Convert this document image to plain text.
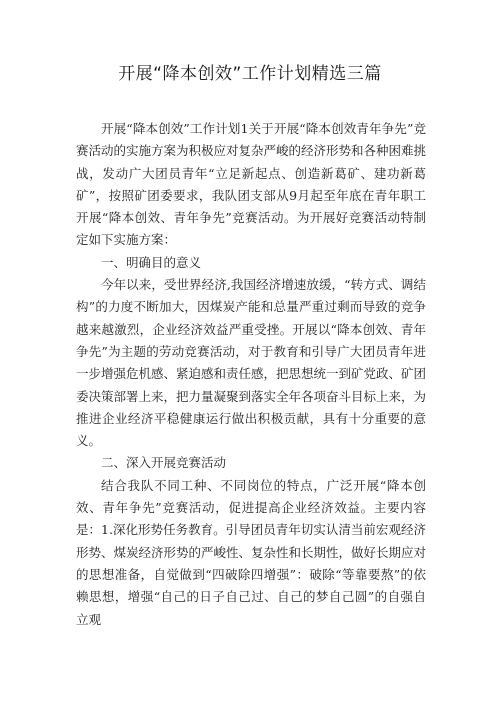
开展“降本创效”工作计划精选三篇

开展“降本创效”工作计划1关于开展“降本创效青年争先”竞赛活动的实施方案为积极应对复杂严峻的经济形势和各种困难挑战，发动广大团员青年“立足新起点、创造新葛矿、建功新葛矿”，按照矿团委要求，我队团支部从9月起至年底在青年职工开展“降本创效、青年争先”竞赛活动。为开展好竞赛活动特制定如下实施方案：

一、明确目的意义

今年以来，受世界经济,我国经济增速放缓，“转方式、调结构”的力度不断加大，因煤炭产能和总量严重过剩而导致的竞争越来越激烈，企业经济效益严重受挫。开展以“降本创效、青年争先”为主题的劳动竞赛活动，对于教育和引导广大团员青年进一步增强危机感、紧迫感和责任感，把思想统一到矿党政、矿团委决策部署上来，把力量凝聚到落实全年各项奋斗目标上来，为推进企业经济平稳健康运行做出积极贡献，具有十分重要的意义。

二、深入开展竞赛活动

结合我队不同工种、不同岗位的特点，广泛开展“降本创效、青年争先”竞赛活动，促进提高企业经济效益。主要内容是：1.深化形势任务教育。引导团员青年切实认清当前宏观经济形势、煤炭经济形势的严峻性、复杂性和长期性，做好长期应对的思想准备，自觉做到“四破除四增强”：破除“等靠要熬”的依赖思想，增强“自己的日子自己过、自己的梦自己圆”的自强自立观
